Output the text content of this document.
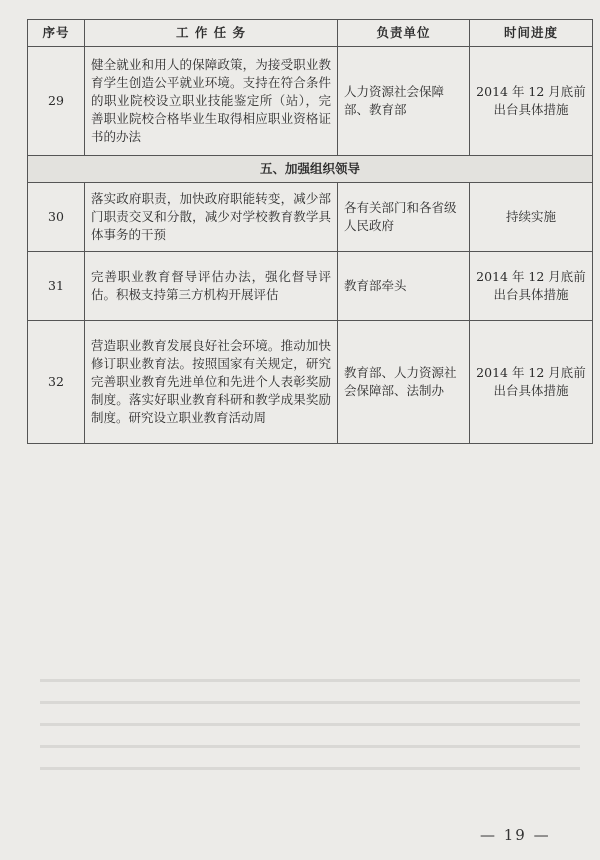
序号	工 作 任 务	负责单位	时间进度
29	健全就业和用人的保障政策，为接受职业教育学生创造公平就业环境。支持在符合条件的职业院校设立职业技能鉴定所（站），完善职业院校合格毕业生取得相应职业资格证书的办法	人力资源社会保障部、教育部	2014 年 12 月底前出台具体措施
五、加强组织领导			
30	落实政府职责，加快政府职能转变，减少部门职责交叉和分散，减少对学校教育教学具体事务的干预	各有关部门和各省级人民政府	持续实施
31	完善职业教育督导评估办法，强化督导评估。积极支持第三方机构开展评估	教育部牵头	2014 年 12 月底前出台具体措施
32	营造职业教育发展良好社会环境。推动加快修订职业教育法。按照国家有关规定，研究完善职业教育先进单位和先进个人表彰奖励制度。落实好职业教育科研和教学成果奖励制度。研究设立职业教育活动周	教育部、人力资源社会保障部、法制办	2014 年 12 月底前出台具体措施
— 19 —
